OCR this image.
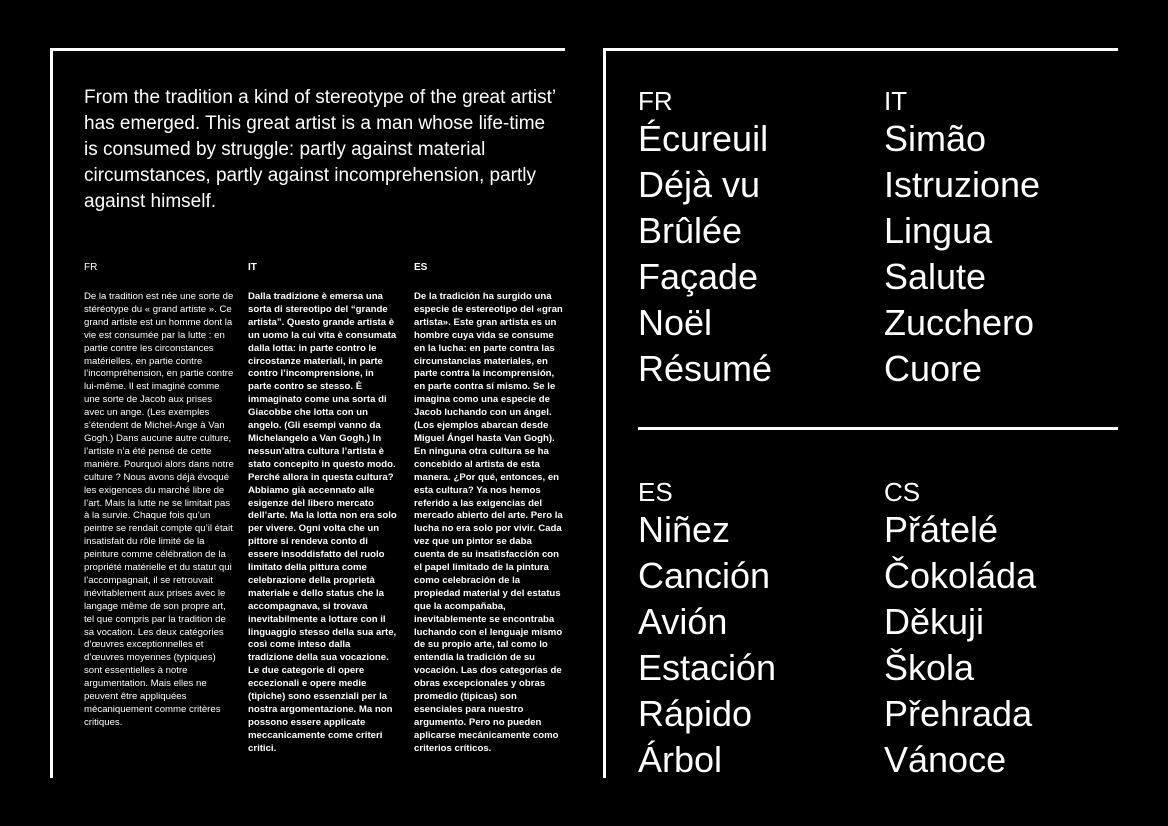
From the tradition a kind of stereotype of the great artist’ has emerged. This great artist is a man whose life-time is consumed by struggle: partly against material circumstances, partly against incomprehension, partly against himself.

FR

De la tradition est née une sorte de stéréotype du « grand artiste ». Ce grand artiste est un homme dont la vie est consumée par la lutte : en partie contre les circonstances matérielles, en partie contre l’incompréhension, en partie contre lui-même. Il est imaginé comme une sorte de Jacob aux prises avec un ange. (Les exemples s’étendent de Michel-Ange à Van Gogh.) Dans aucune autre culture, l’artiste n’a été pensé de cette manière. Pourquoi alors dans notre culture ? Nous avons déjà évoqué les exigences du marché libre de l’art. Mais la lutte ne se limitait pas à la survie. Chaque fois qu’un peintre se rendait compte qu’il était insatisfait du rôle limité de la peinture comme célébration de la propriété matérielle et du statut qui l’accompagnait, il se retrouvait inévitablement aux prises avec le langage même de son propre art, tel que compris par la tradition de sa vocation. Les deux catégories d’œuvres exceptionnelles et d’œuvres moyennes (typiques) sont essentielles à notre argumentation. Mais elles ne peuvent être appliquées mécaniquement comme critères critiques.

IT

Dalla tradizione è emersa una sorta di stereotipo del “grande artista”. Questo grande artista è un uomo la cui vita è consumata dalla lotta: in parte contro le circostanze materiali, in parte contro l’incomprensione, in parte contro se stesso. È immaginato come una sorta di Giacobbe che lotta con un angelo. (Gli esempi vanno da Michelangelo a Van Gogh.) In nessun’altra cultura l’artista è stato concepito in questo modo. Perché allora in questa cultura? Abbiamo già accennato alle esigenze del libero mercato dell’arte. Ma la lotta non era solo per vivere. Ogni volta che un pittore si rendeva conto di essere insoddisfatto del ruolo limitato della pittura come celebrazione della proprietà materiale e dello status che la accompagnava, si trovava inevitabilmente a lottare con il linguaggio stesso della sua arte, così come inteso dalla tradizione della sua vocazione. Le due categorie di opere eccezionali e opere medie (tipiche) sono essenziali per la nostra argomentazione. Ma non possono essere applicate meccanicamente come criteri critici.

ES

De la tradición ha surgido una especie de estereotipo del «gran artista». Este gran artista es un hombre cuya vida se consume en la lucha: en parte contra las circunstancias materiales, en parte contra la incomprensión, en parte contra sí mismo. Se le imagina como una especie de Jacob luchando con un ángel. (Los ejemplos abarcan desde Miguel Ángel hasta Van Gogh). En ninguna otra cultura se ha concebido al artista de esta manera. ¿Por qué, entonces, en esta cultura? Ya nos hemos referido a las exigencias del mercado abierto del arte. Pero la lucha no era solo por vivir. Cada vez que un pintor se daba cuenta de su insatisfacción con el papel limitado de la pintura como celebración de la propiedad material y del estatus que la acompañaba, inevitablemente se encontraba luchando con el lenguaje mismo de su propio arte, tal como lo entendía la tradición de su vocación. Las dos categorías de obras excepcionales y obras promedio (típicas) son esenciales para nuestro argumento. Pero no pueden aplicarse mecánicamente como criterios críticos.

FR
Écureuil
Déjà vu
Brûlée
Façade
Noël
Résumé
IT
Simão
Istruzione
Lingua
Salute
Zucchero
Cuore
ES
Niñez
Canción
Avión
Estación
Rápido
Árbol
CS
Přátelé
Čokoláda
Děkuji
Škola
Přehrada
Vánoce
